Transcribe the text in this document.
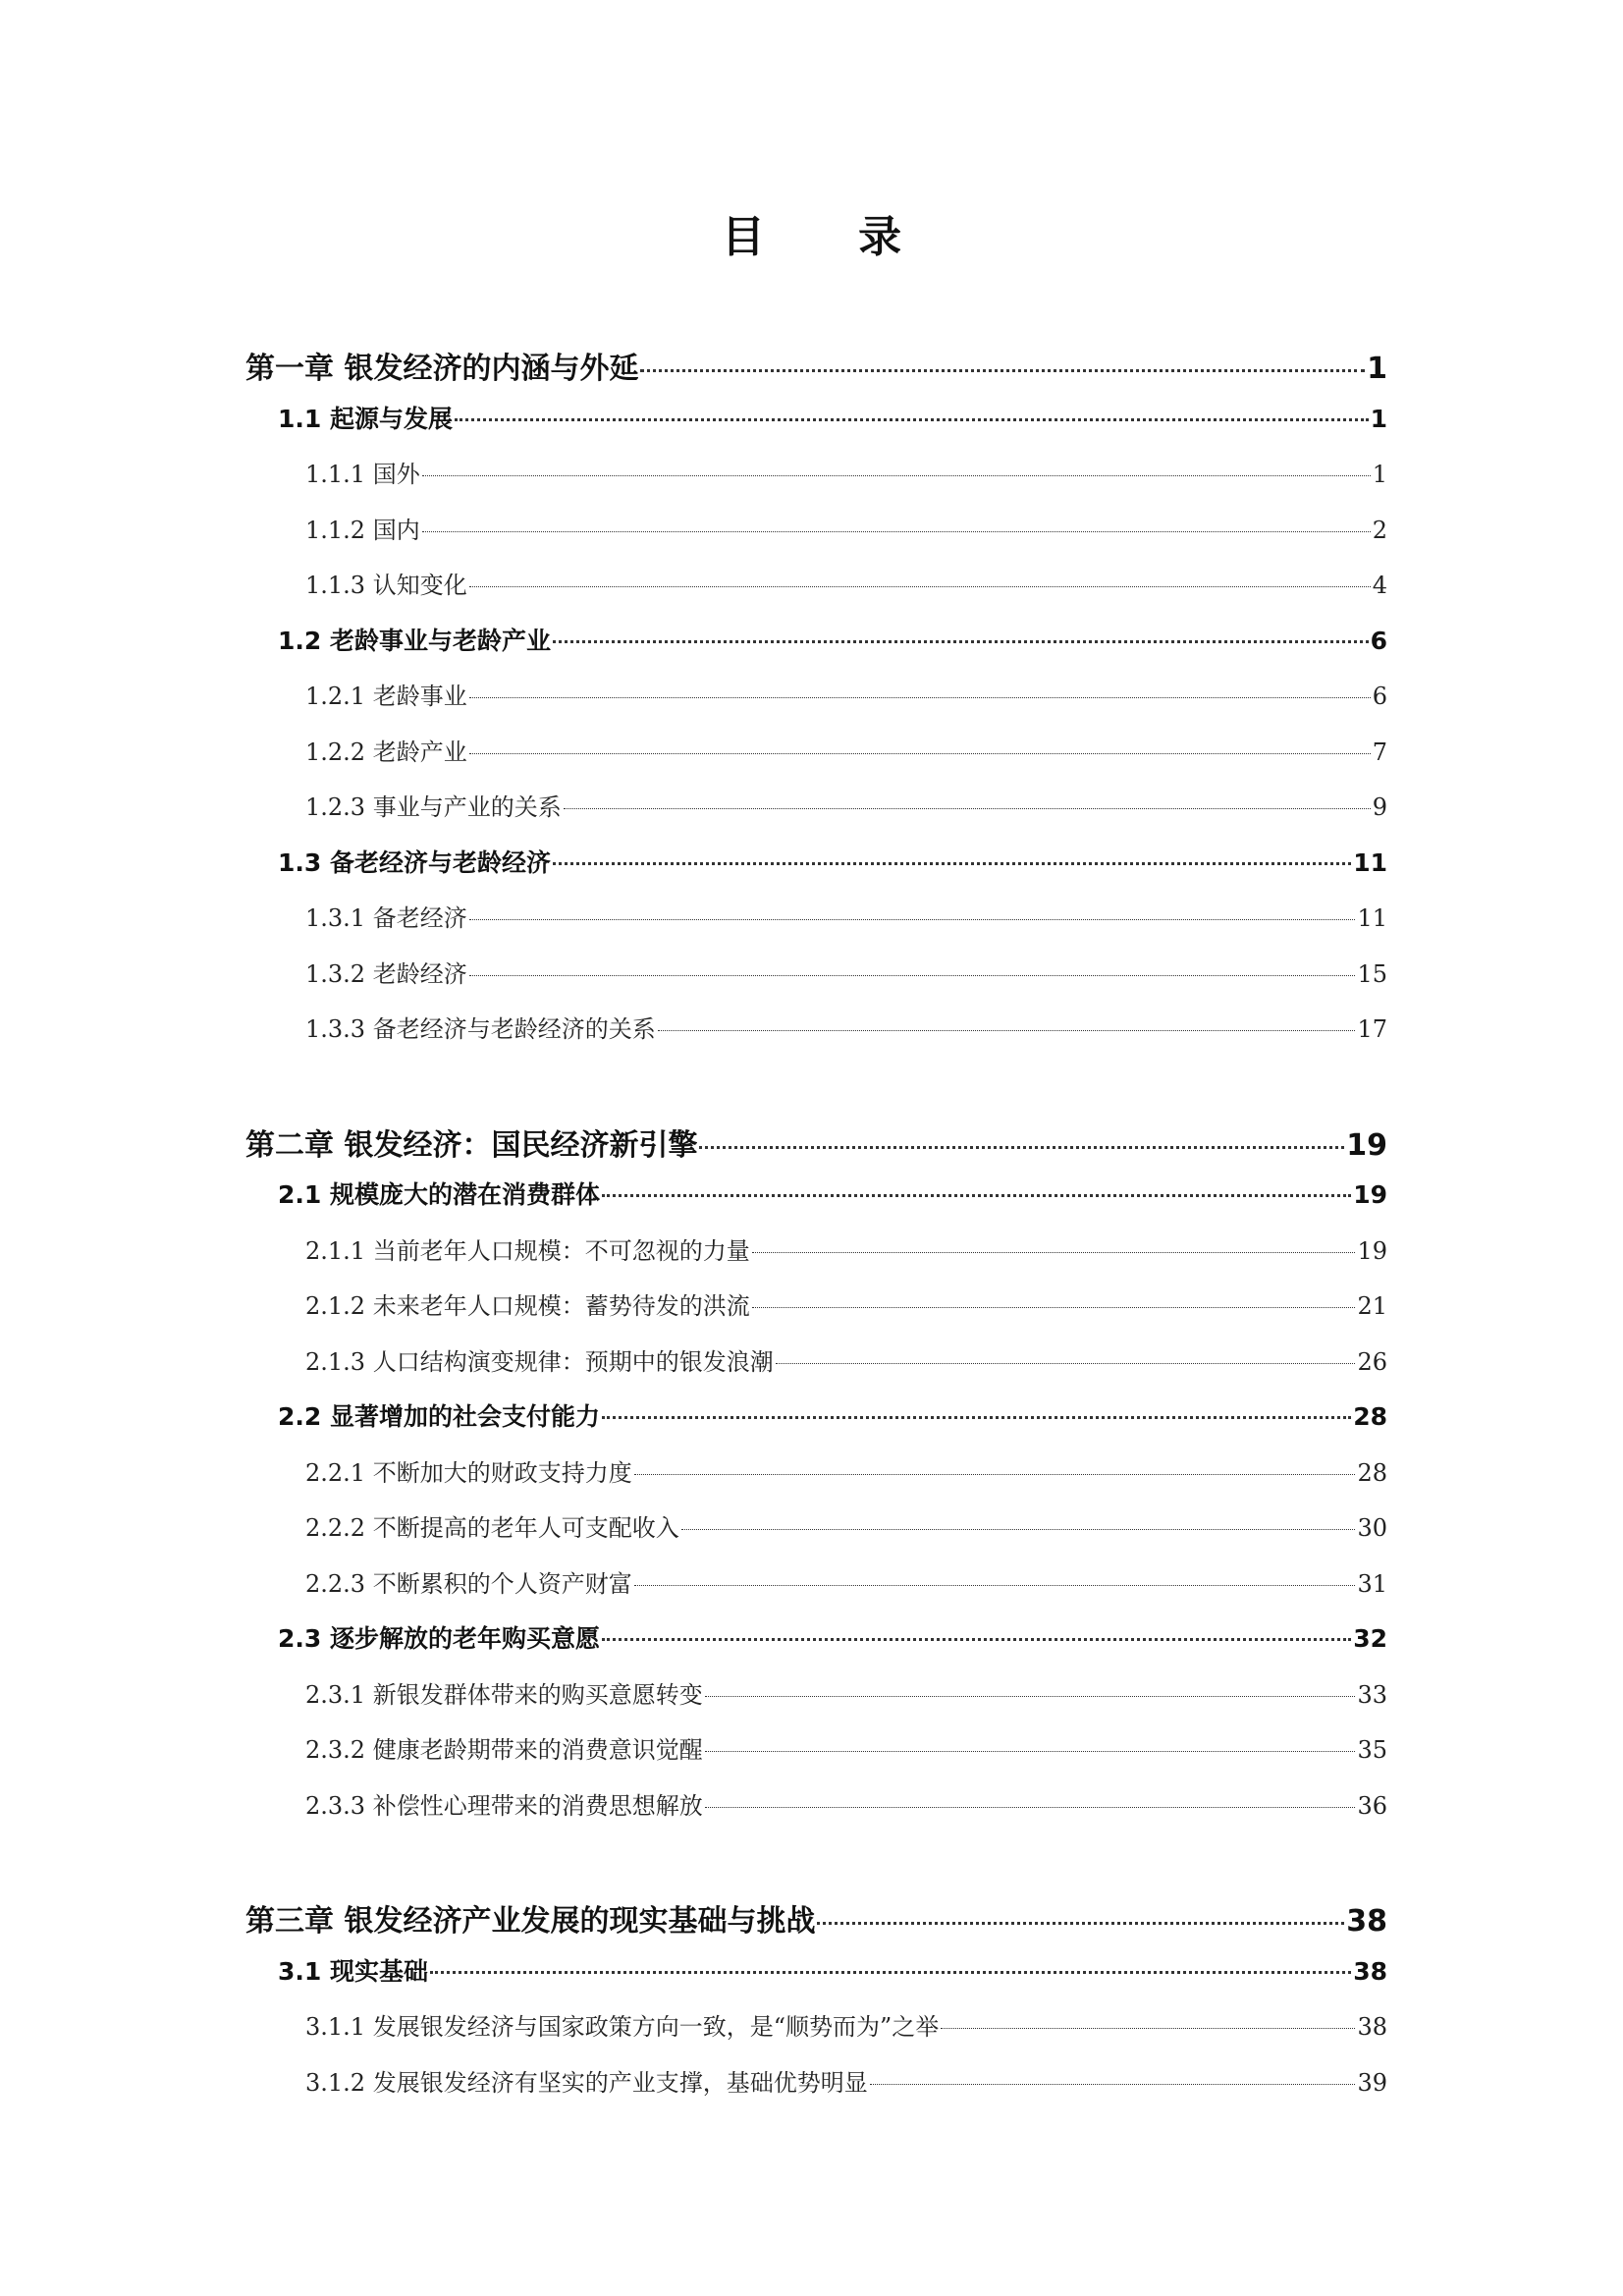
目 录
第一章 银发经济的内涵与外延	1
1.1 起源与发展	1
1.1.1 国外	1
1.1.2 国内	2
1.1.3 认知变化	4
1.2 老龄事业与老龄产业	6
1.2.1 老龄事业	6
1.2.2 老龄产业	7
1.2.3 事业与产业的关系	9
1.3 备老经济与老龄经济	11
1.3.1 备老经济	11
1.3.2 老龄经济	15
1.3.3 备老经济与老龄经济的关系	17
第二章 银发经济：国民经济新引擎	19
2.1 规模庞大的潜在消费群体	19
2.1.1 当前老年人口规模：不可忽视的力量	19
2.1.2 未来老年人口规模：蓄势待发的洪流	21
2.1.3 人口结构演变规律：预期中的银发浪潮	26
2.2 显著增加的社会支付能力	28
2.2.1 不断加大的财政支持力度	28
2.2.2 不断提高的老年人可支配收入	30
2.2.3 不断累积的个人资产财富	31
2.3 逐步解放的老年购买意愿	32
2.3.1 新银发群体带来的购买意愿转变	33
2.3.2 健康老龄期带来的消费意识觉醒	35
2.3.3 补偿性心理带来的消费思想解放	36
第三章 银发经济产业发展的现实基础与挑战	38
3.1 现实基础	38
3.1.1 发展银发经济与国家政策方向一致，是“顺势而为”之举	38
3.1.2 发展银发经济有坚实的产业支撑，基础优势明显	39
